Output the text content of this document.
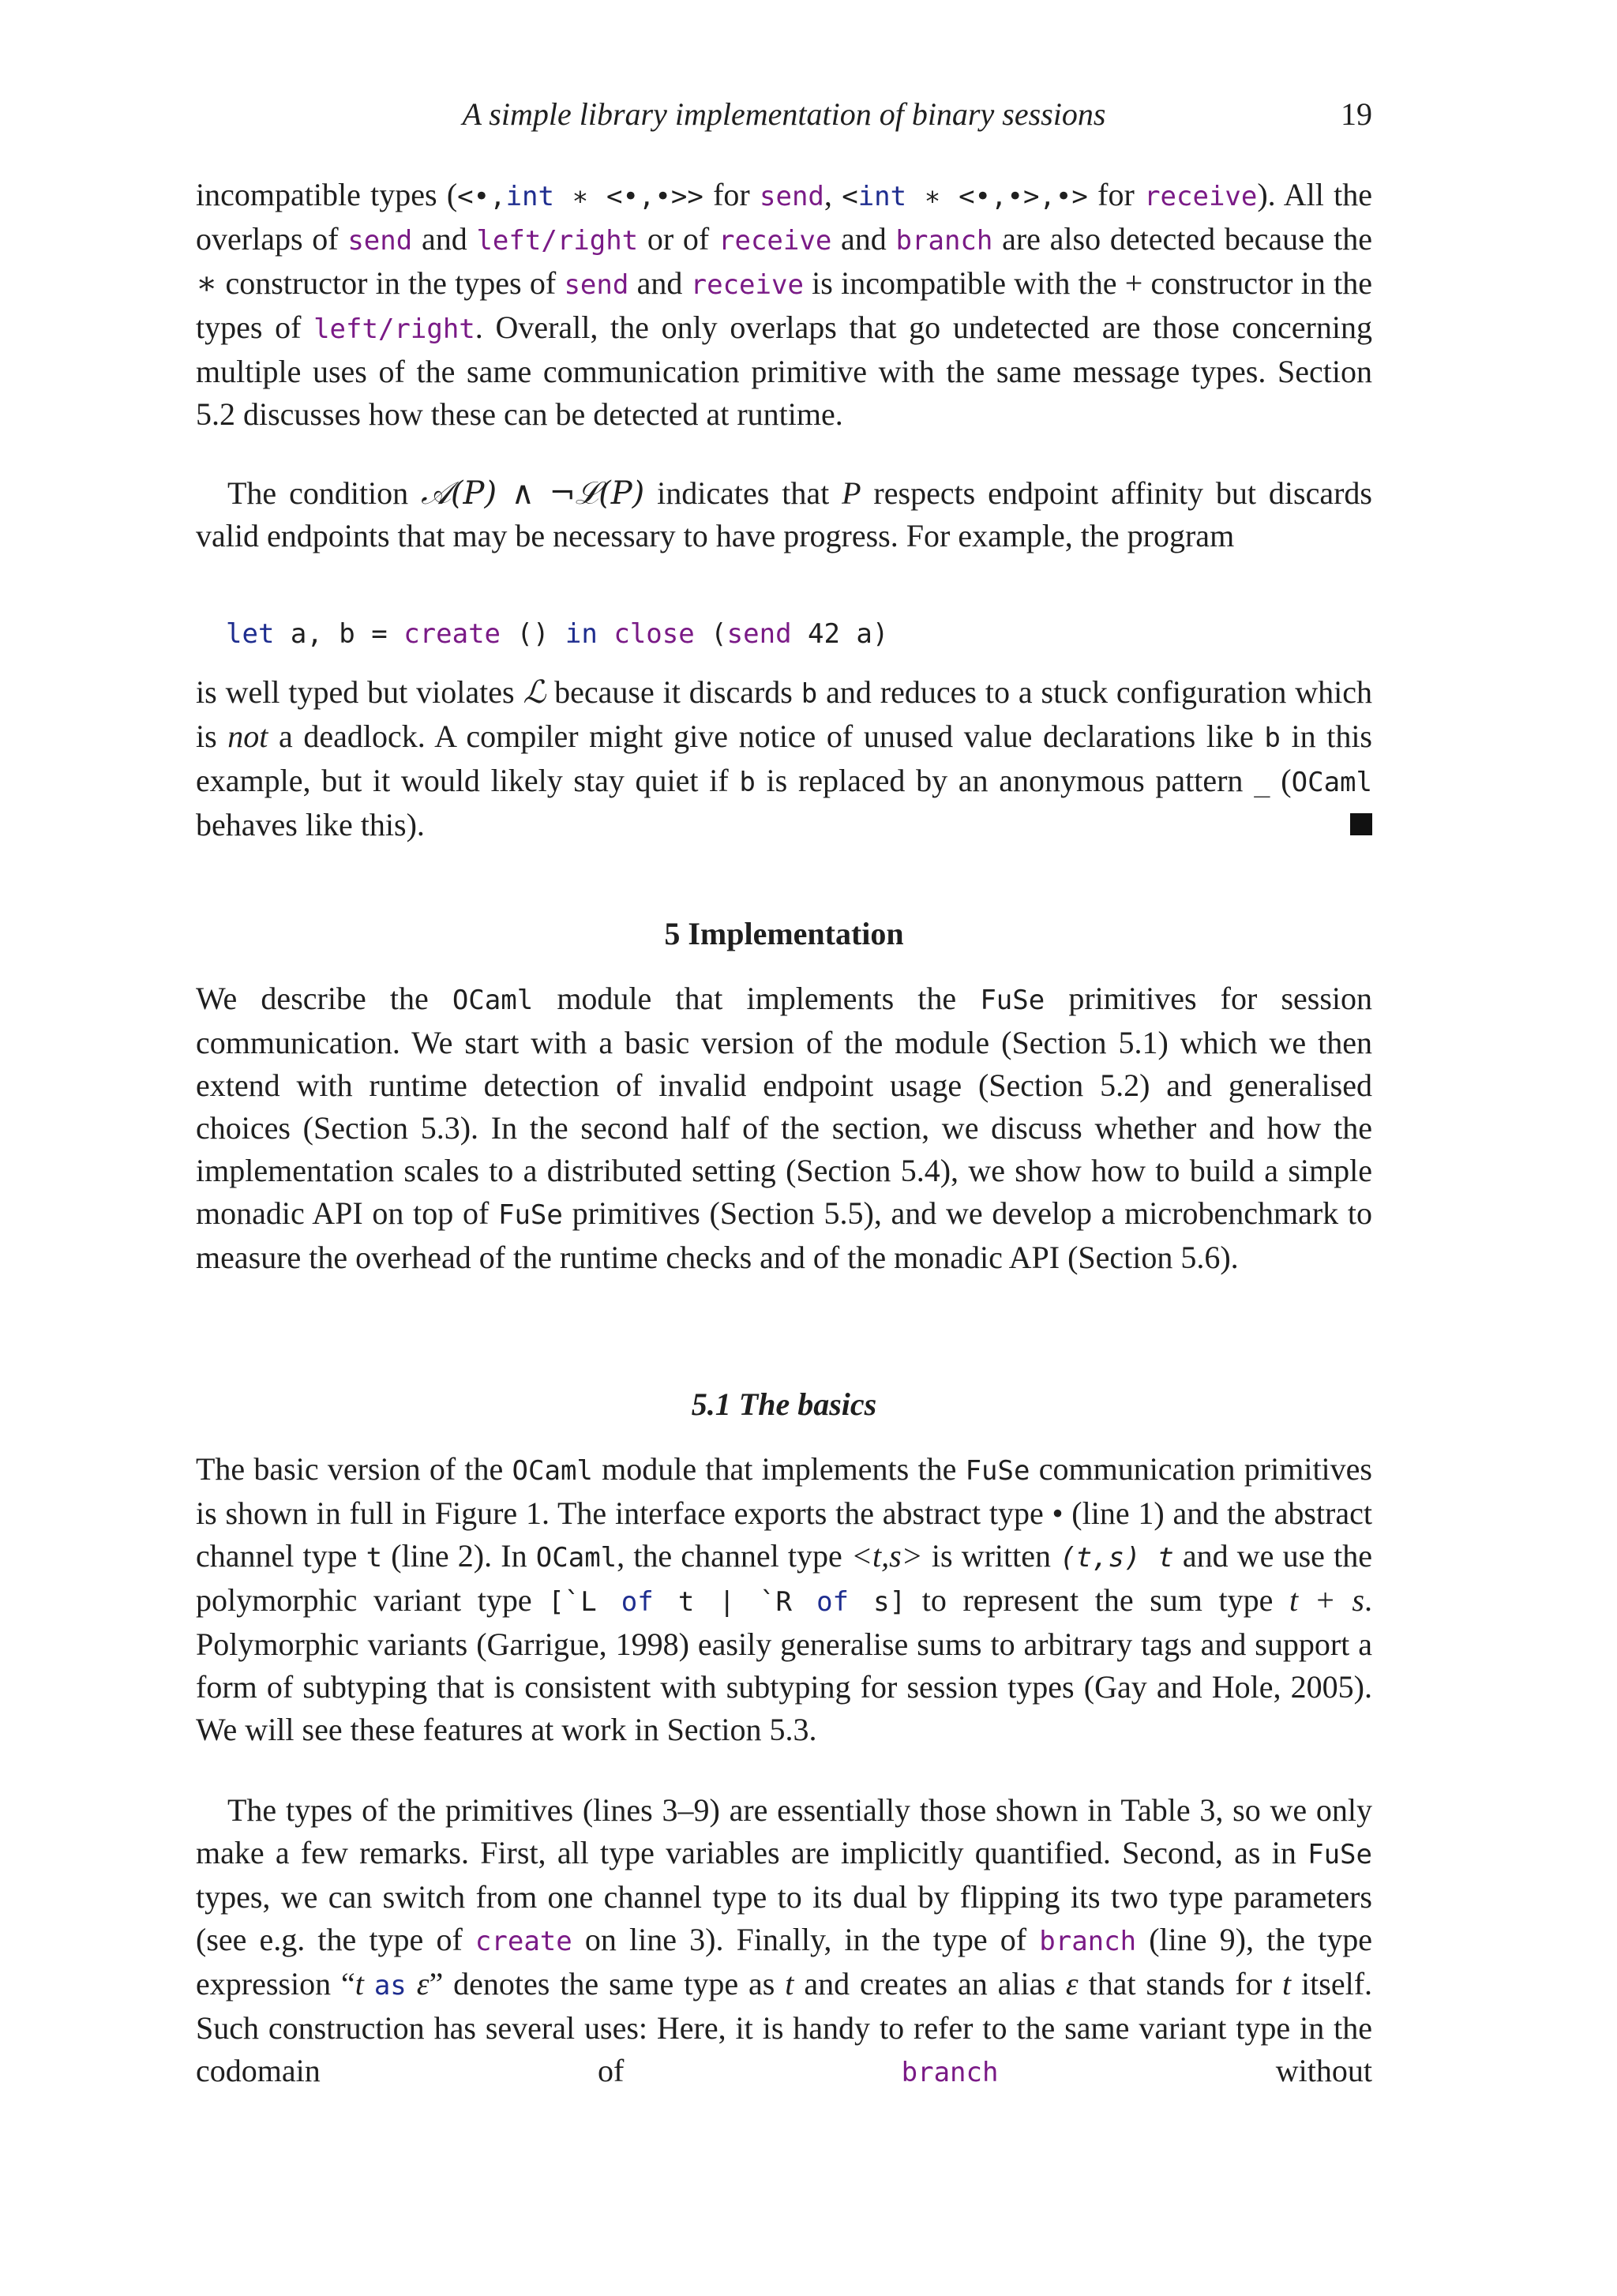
A simple library implementation of binary sessions	19

incompatible types (<•,int ∗ <•,•>> for send, <int ∗ <•,•>,•> for receive). All the overlaps of send and left/right or of receive and branch are also detected because the ∗ constructor in the types of send and receive is incompatible with the + constructor in the types of left/right. Overall, the only overlaps that go undetected are those concerning multiple uses of the same communication primitive with the same message types. Section 5.2 discusses how these can be detected at runtime.

The condition 𝒜(P) ∧ ¬ℒ(P) indicates that P respects endpoint affinity but discards valid endpoints that may be necessary to have progress. For example, the program

let a, b = create () in close (send 42 a)

is well typed but violates ℒ because it discards b and reduces to a stuck configuration which is not a deadlock. A compiler might give notice of unused value declarations like b in this example, but it would likely stay quiet if b is replaced by an anonymous pattern _ (OCaml behaves like this).

5 Implementation

We describe the OCaml module that implements the FuSe primitives for session communication. We start with a basic version of the module (Section 5.1) which we then extend with runtime detection of invalid endpoint usage (Section 5.2) and generalised choices (Section 5.3). In the second half of the section, we discuss whether and how the implementation scales to a distributed setting (Section 5.4), we show how to build a simple monadic API on top of FuSe primitives (Section 5.5), and we develop a microbenchmark to measure the overhead of the runtime checks and of the monadic API (Section 5.6).

5.1 The basics

The basic version of the OCaml module that implements the FuSe communication primitives is shown in full in Figure 1. The interface exports the abstract type • (line 1) and the abstract channel type t (line 2). In OCaml, the channel type <t,s> is written (t,s) t and we use the polymorphic variant type [`L of t | `R of s] to represent the sum type t + s. Polymorphic variants (Garrigue, 1998) easily generalise sums to arbitrary tags and support a form of subtyping that is consistent with subtyping for session types (Gay and Hole, 2005). We will see these features at work in Section 5.3.

The types of the primitives (lines 3–9) are essentially those shown in Table 3, so we only make a few remarks. First, all type variables are implicitly quantified. Second, as in FuSe types, we can switch from one channel type to its dual by flipping its two type parameters (see e.g. the type of create on line 3). Finally, in the type of branch (line 9), the type expression “t as ε” denotes the same type as t and creates an alias ε that stands for t itself. Such construction has several uses: Here, it is handy to refer to the same variant type in the codomain of branch without
